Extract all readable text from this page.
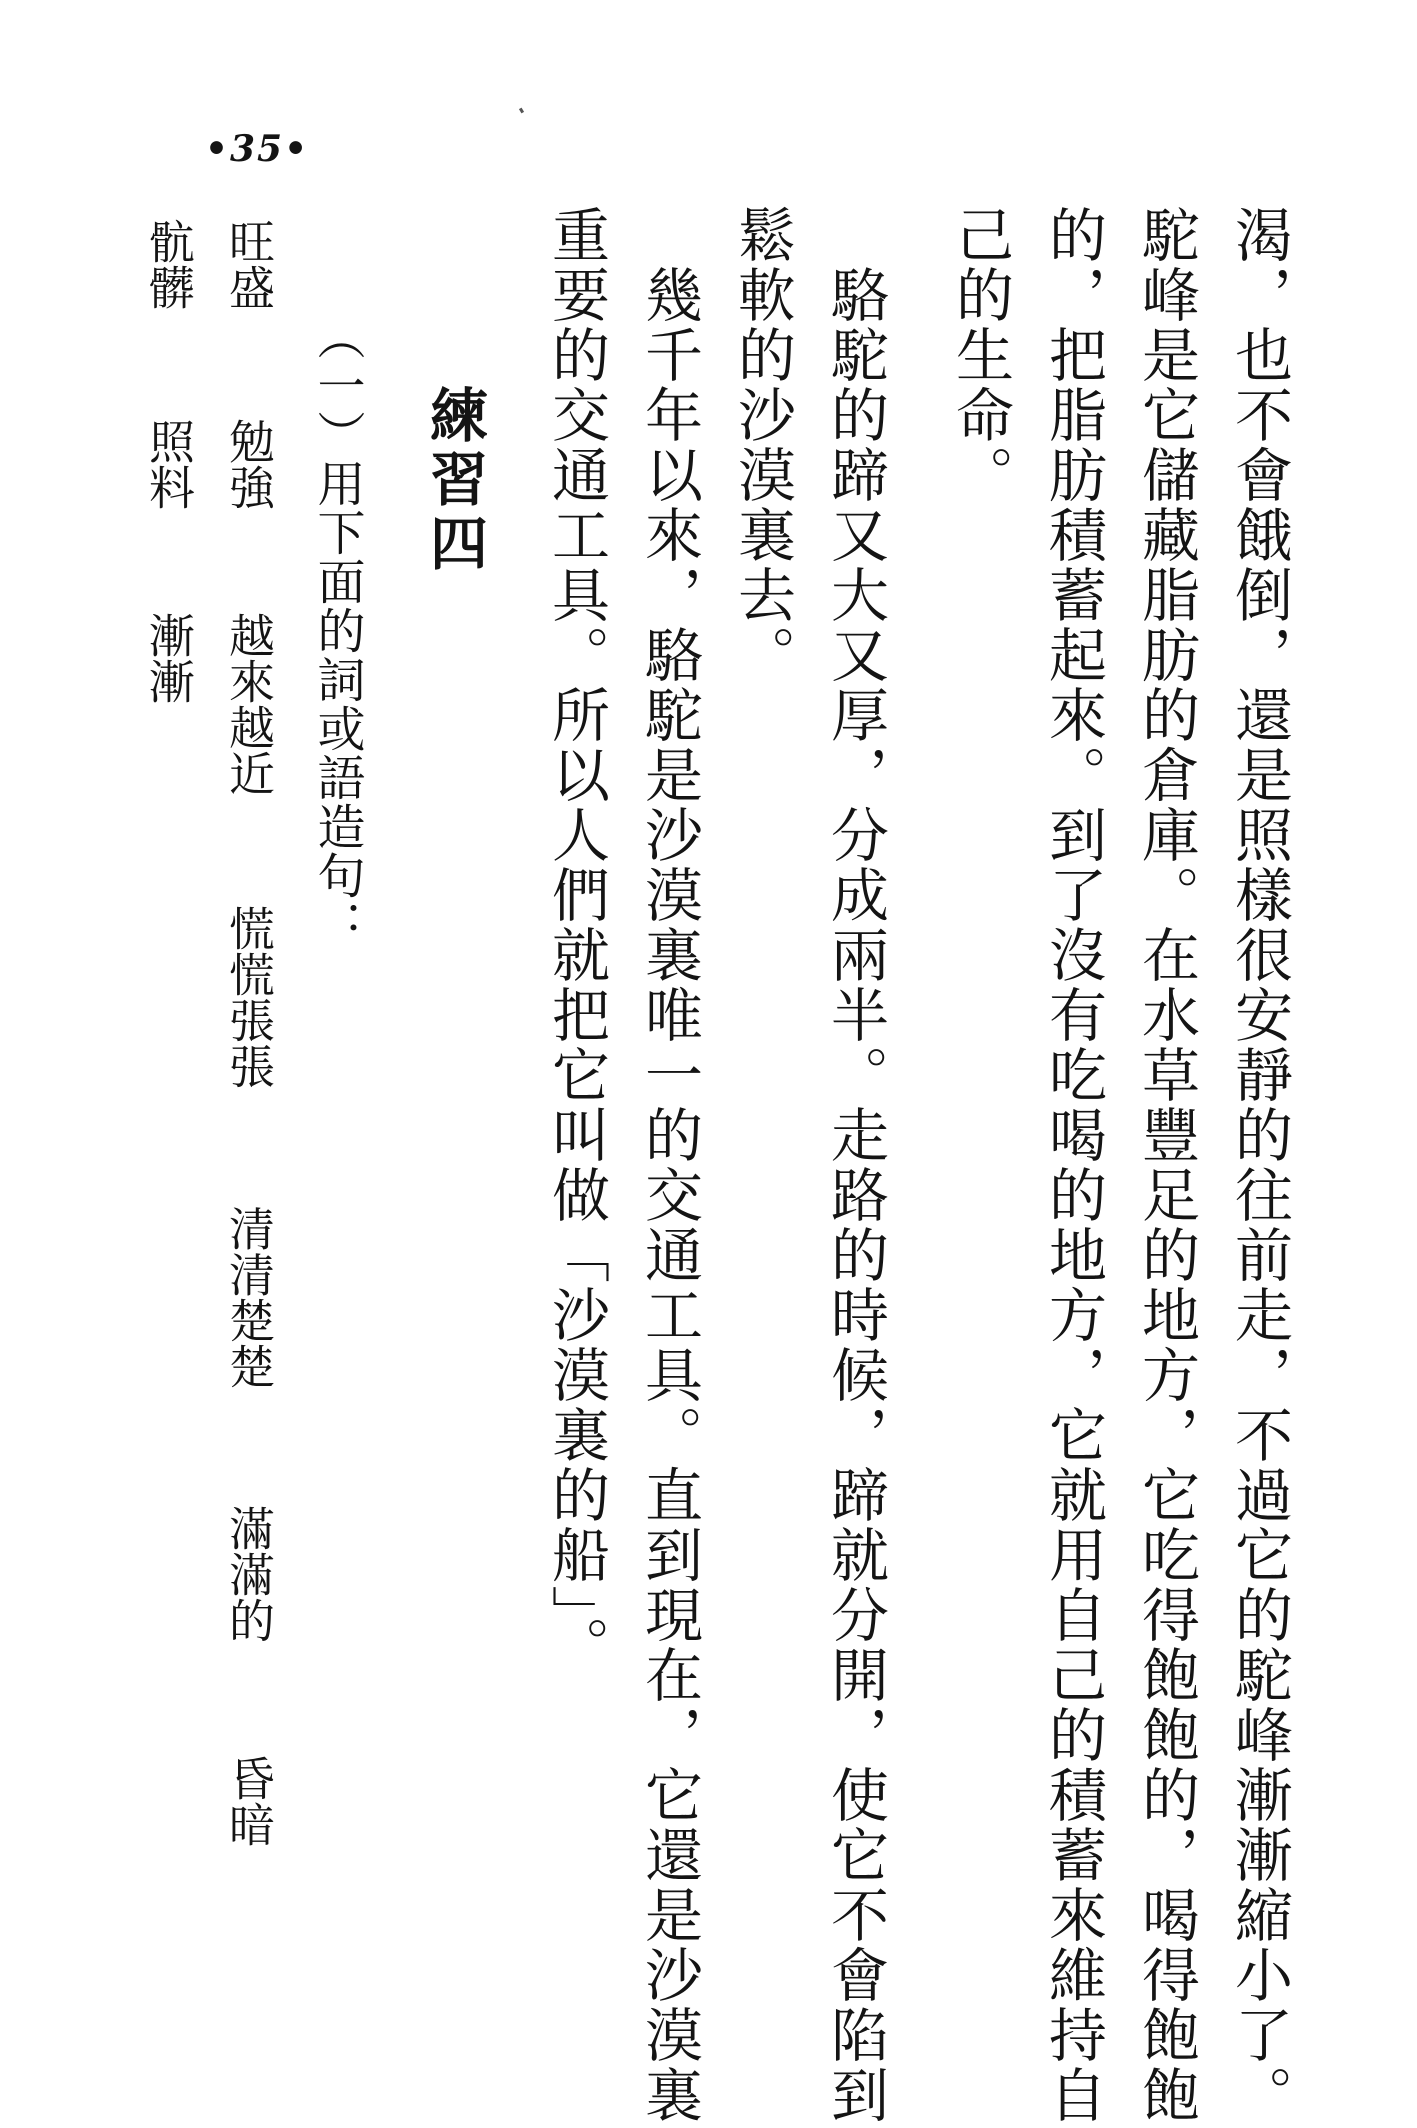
•35•
渴，也不會餓倒，還是照樣很安靜的往前走，不過它的駝峰漸漸縮小了。
駝峰是它儲藏脂肪的倉庫。在水草豐足的地方，它吃得飽飽的，喝得飽飽
的，把脂肪積蓄起來。到了沒有吃喝的地方，它就用自己的積蓄來維持自
己的生命。
駱駝的蹄又大又厚，分成兩半。走路的時候，蹄就分開，使它不會陷到
鬆軟的沙漠裏去。
幾千年以來，駱駝是沙漠裏唯一的交通工具。直到現在，它還是沙漠裏
重要的交通工具。所以人們就把它叫做「沙漠裏的船」。
練習四
（一）用下面的詞或語造句：
旺盛
勉強
越來越近
慌慌張張
清清楚楚
滿滿的
昏暗
骯髒
照料
漸漸
